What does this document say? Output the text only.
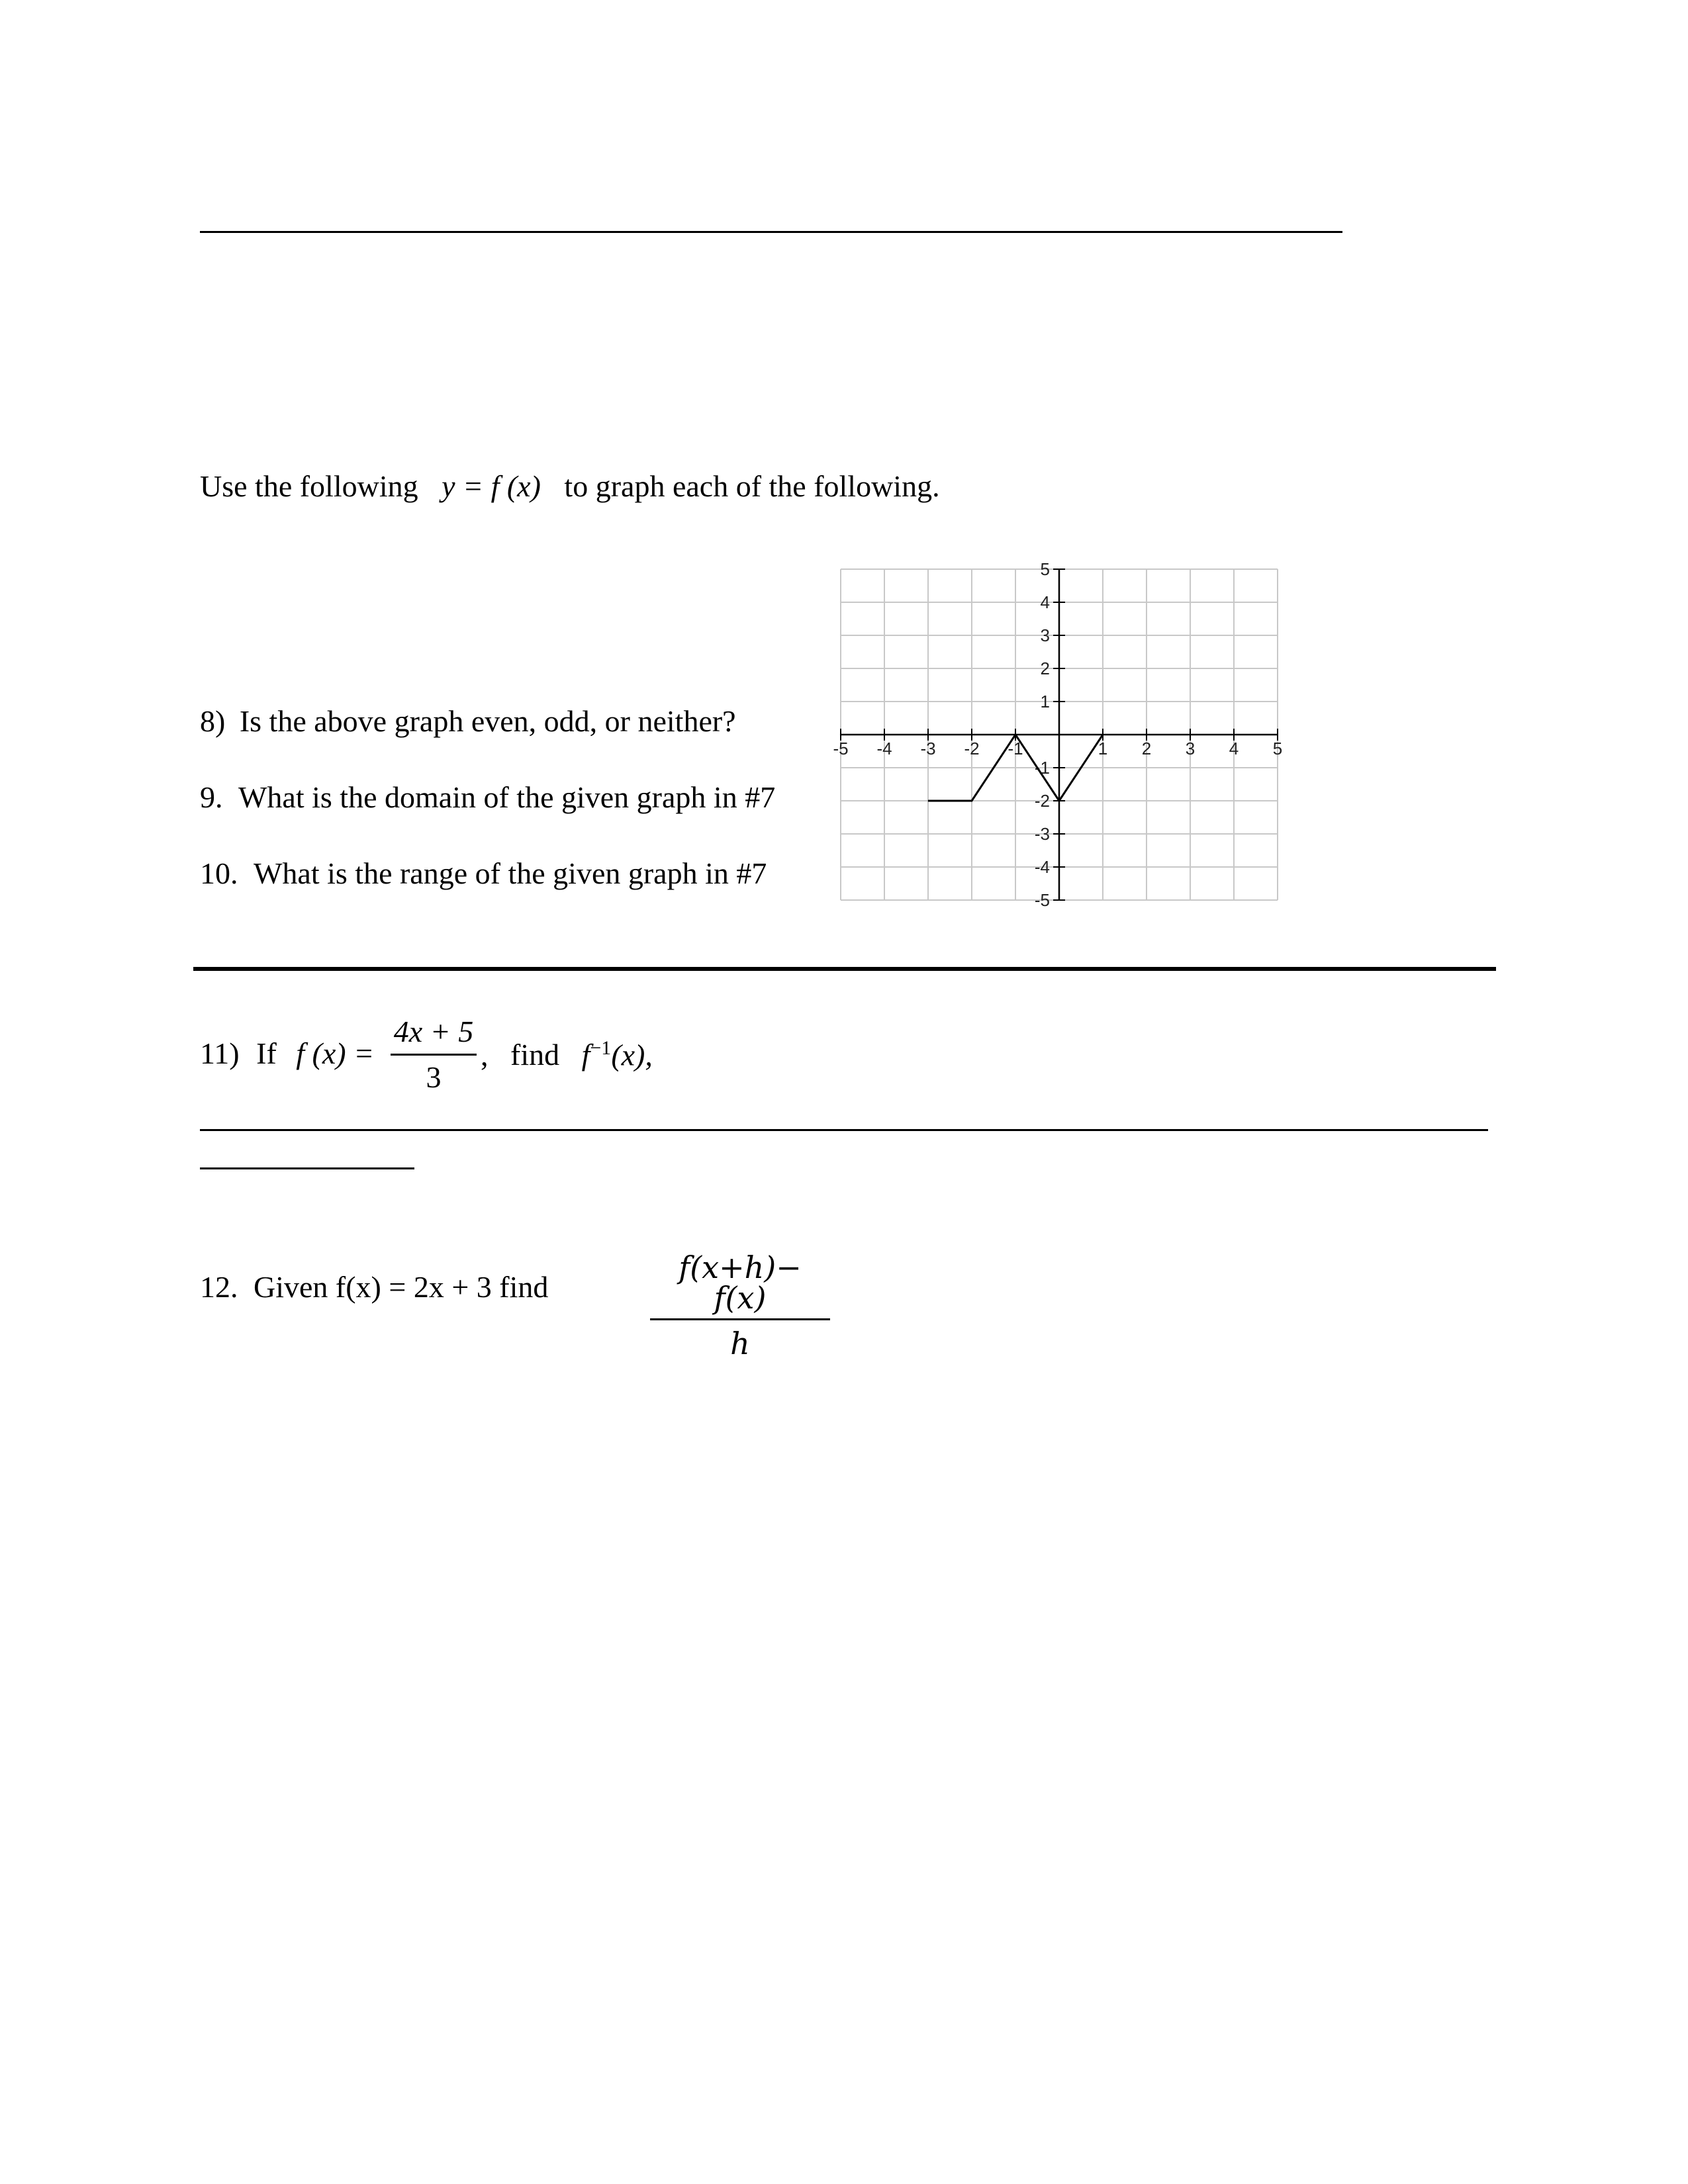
Use the following y = f (x) to graph each of the following.
8) Is the above graph even, odd, or neither?
9. What is the domain of the given graph in #7
10. What is the range of the given graph in #7
-5 -4 -3 -2 -1	1 2 3 4 5
5
4
3
2
1
-1
-2
-3
-4
-5
11) If f (x) =
4x + 5
3
, find $f^{-1}(x)$,
12. Given f(x) = 2x + 3 find
f(x+h)− f(x)
h
